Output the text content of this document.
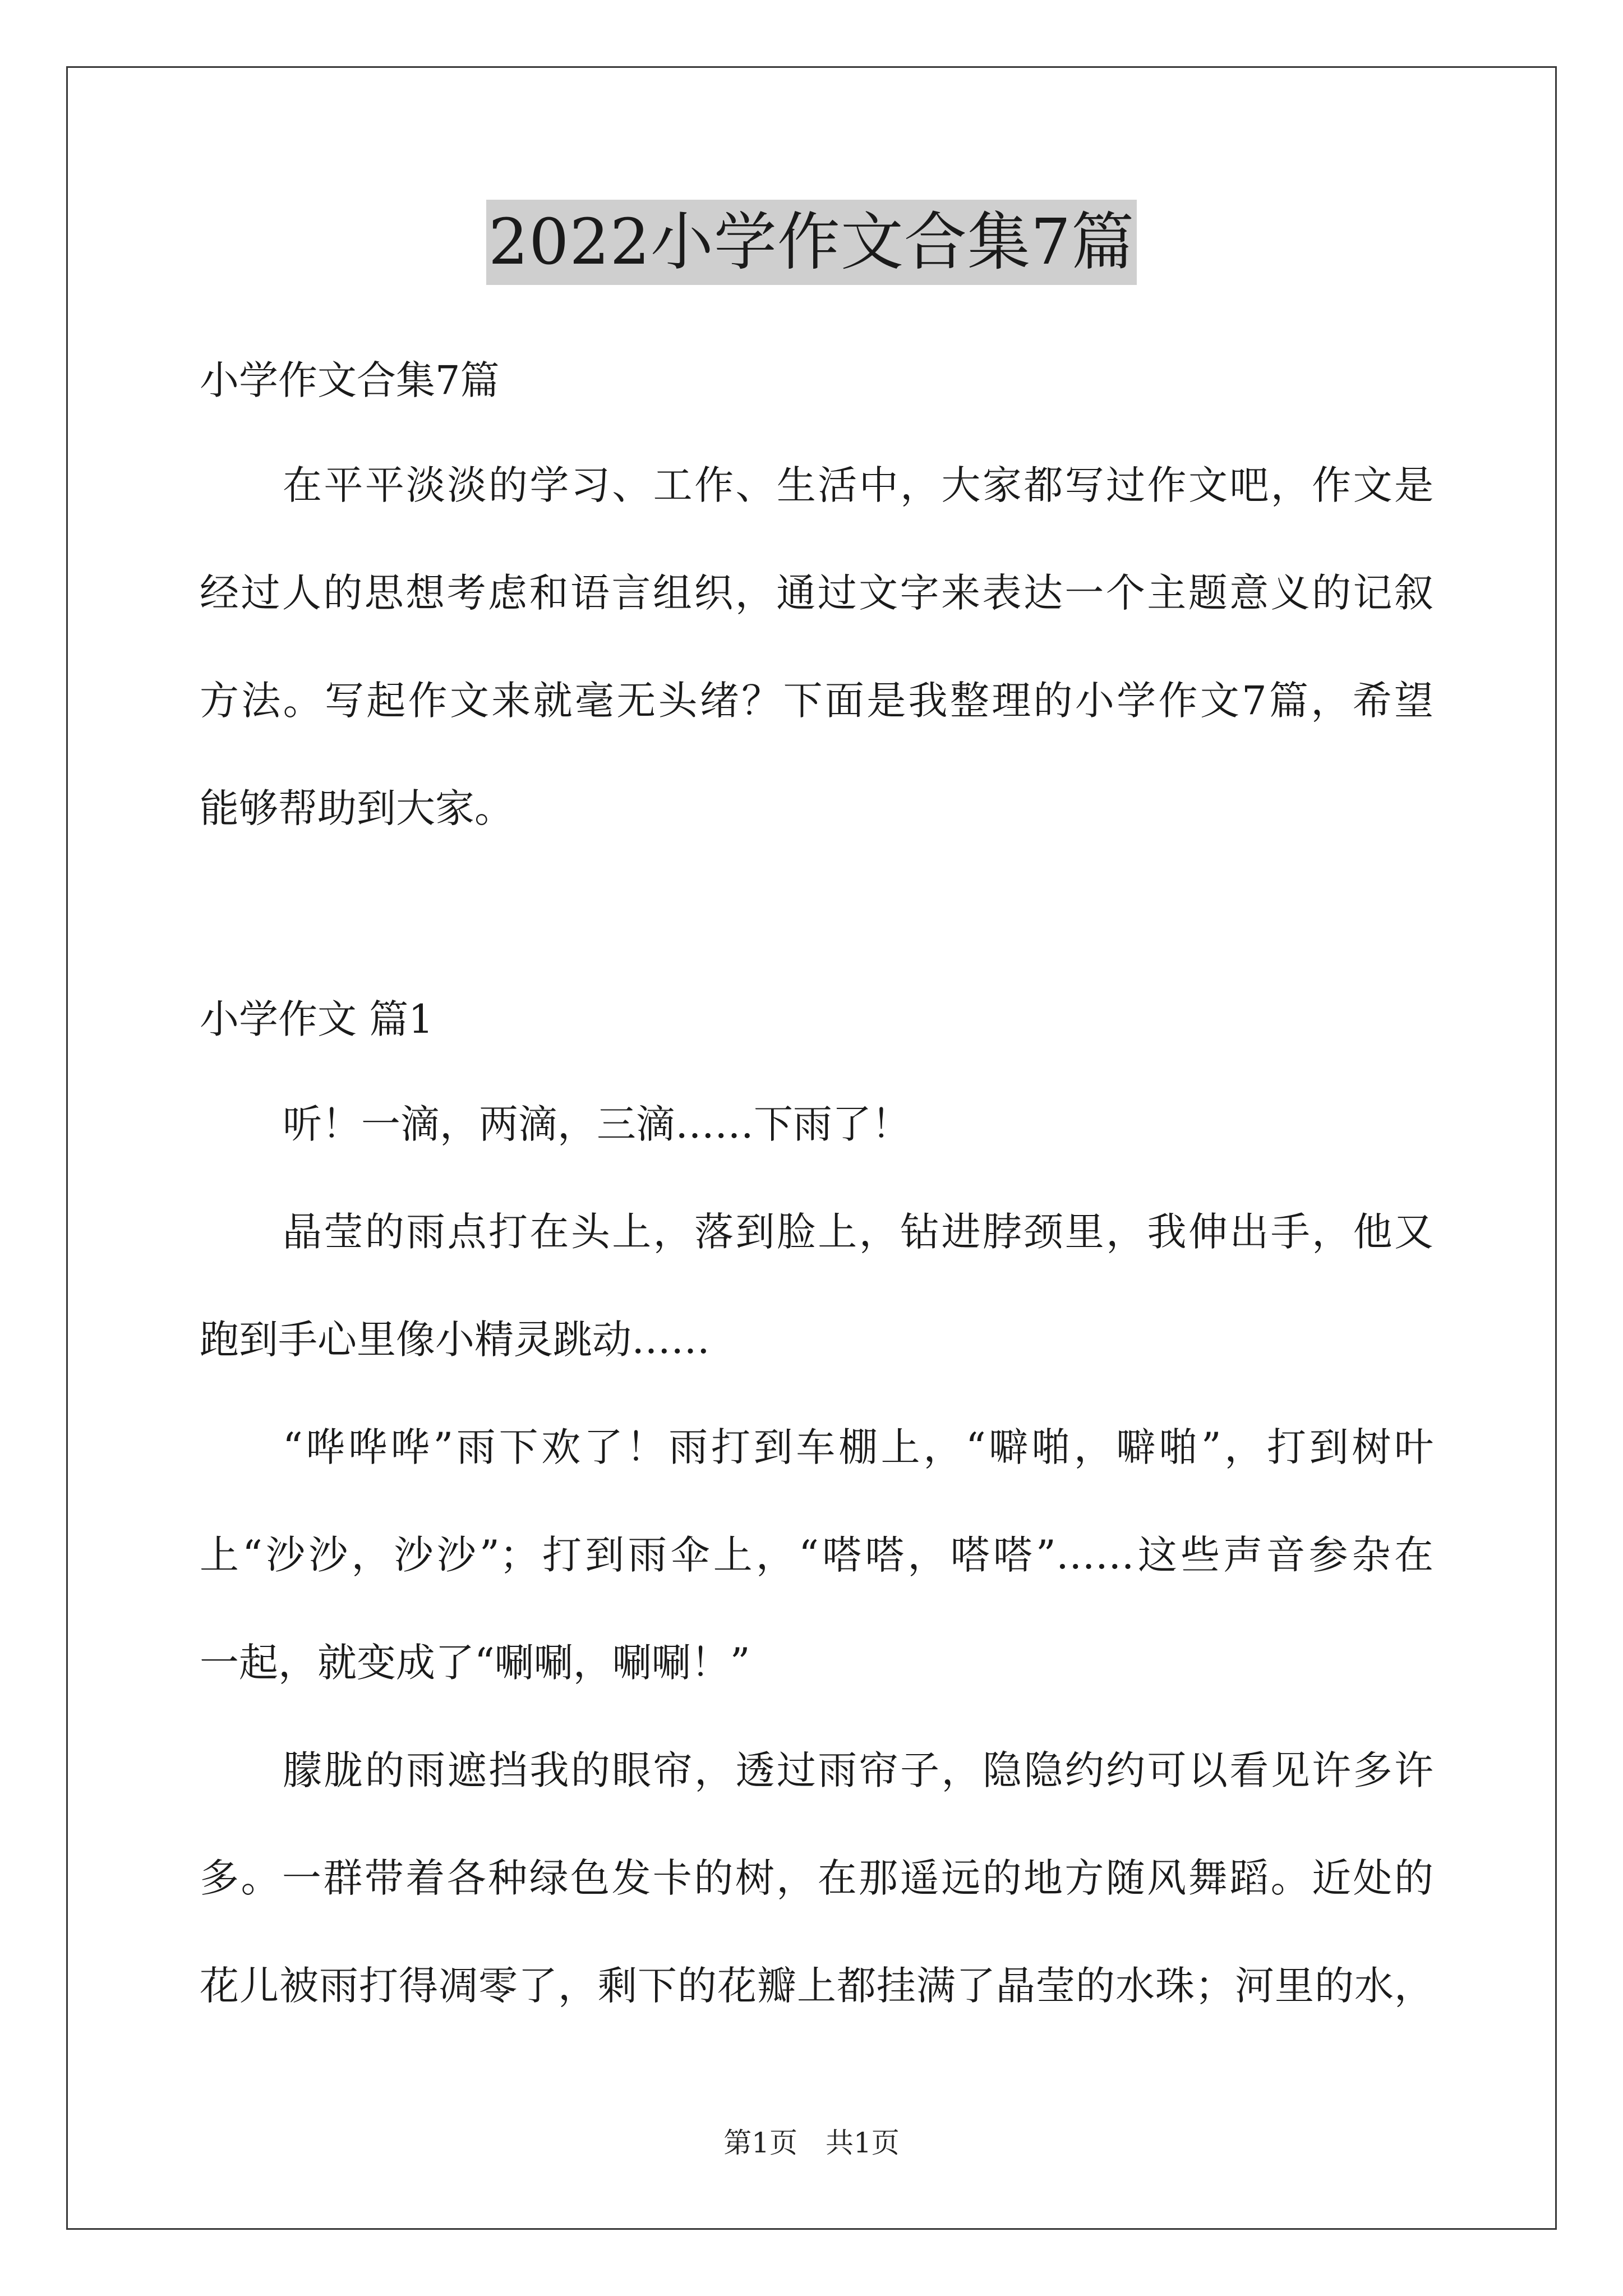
2022小学作文合集7篇
小学作文合集7篇
在平平淡淡的学习、工作、生活中，大家都写过作文吧，作文是
经过人的思想考虑和语言组织，通过文字来表达一个主题意义的记叙
方法。写起作文来就毫无头绪？下面是我整理的小学作文7篇，希望
能够帮助到大家。
小学作文 篇1
听！一滴，两滴，三滴……下雨了！
晶莹的雨点打在头上，落到脸上，钻进脖颈里，我伸出手，他又
跑到手心里像小精灵跳动……
“哗哗哗”雨下欢了！雨打到车棚上，“噼啪，噼啪”，打到树叶
上“沙沙，沙沙”；打到雨伞上，“嗒嗒，嗒嗒”……这些声音参杂在
一起，就变成了“唰唰，唰唰！”
朦胧的雨遮挡我的眼帘，透过雨帘子，隐隐约约可以看见许多许
多。一群带着各种绿色发卡的树，在那遥远的地方随风舞蹈。近处的
花儿被雨打得凋零了，剩下的花瓣上都挂满了晶莹的水珠；河里的水，
第1页　共1页
